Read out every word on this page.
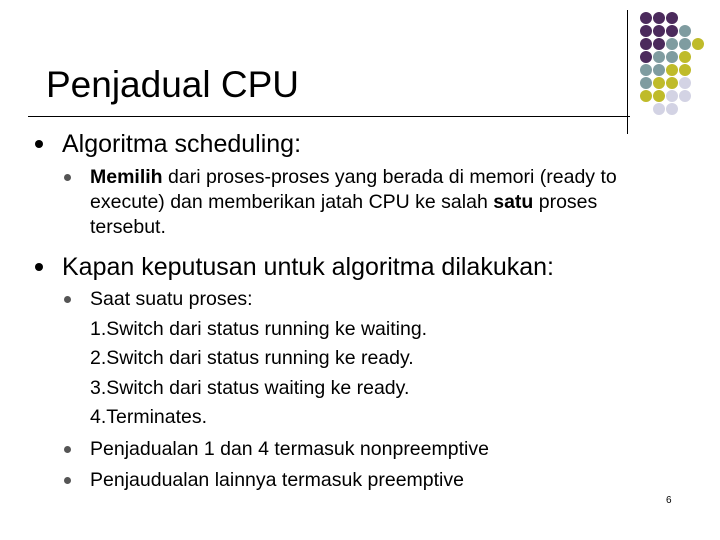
Penjadual CPU
Algoritma scheduling:
Memilih dari proses-proses yang berada di memori (ready to execute) dan memberikan jatah CPU ke salah satu proses tersebut.
Kapan keputusan untuk algoritma dilakukan:
Saat suatu proses:
1.Switch dari status running ke waiting.
2.Switch dari status running ke ready.
3.Switch dari status waiting ke ready.
4.Terminates.
Penjadualan 1 dan 4 termasuk nonpreemptive
Penjaudualan lainnya termasuk preemptive
6
